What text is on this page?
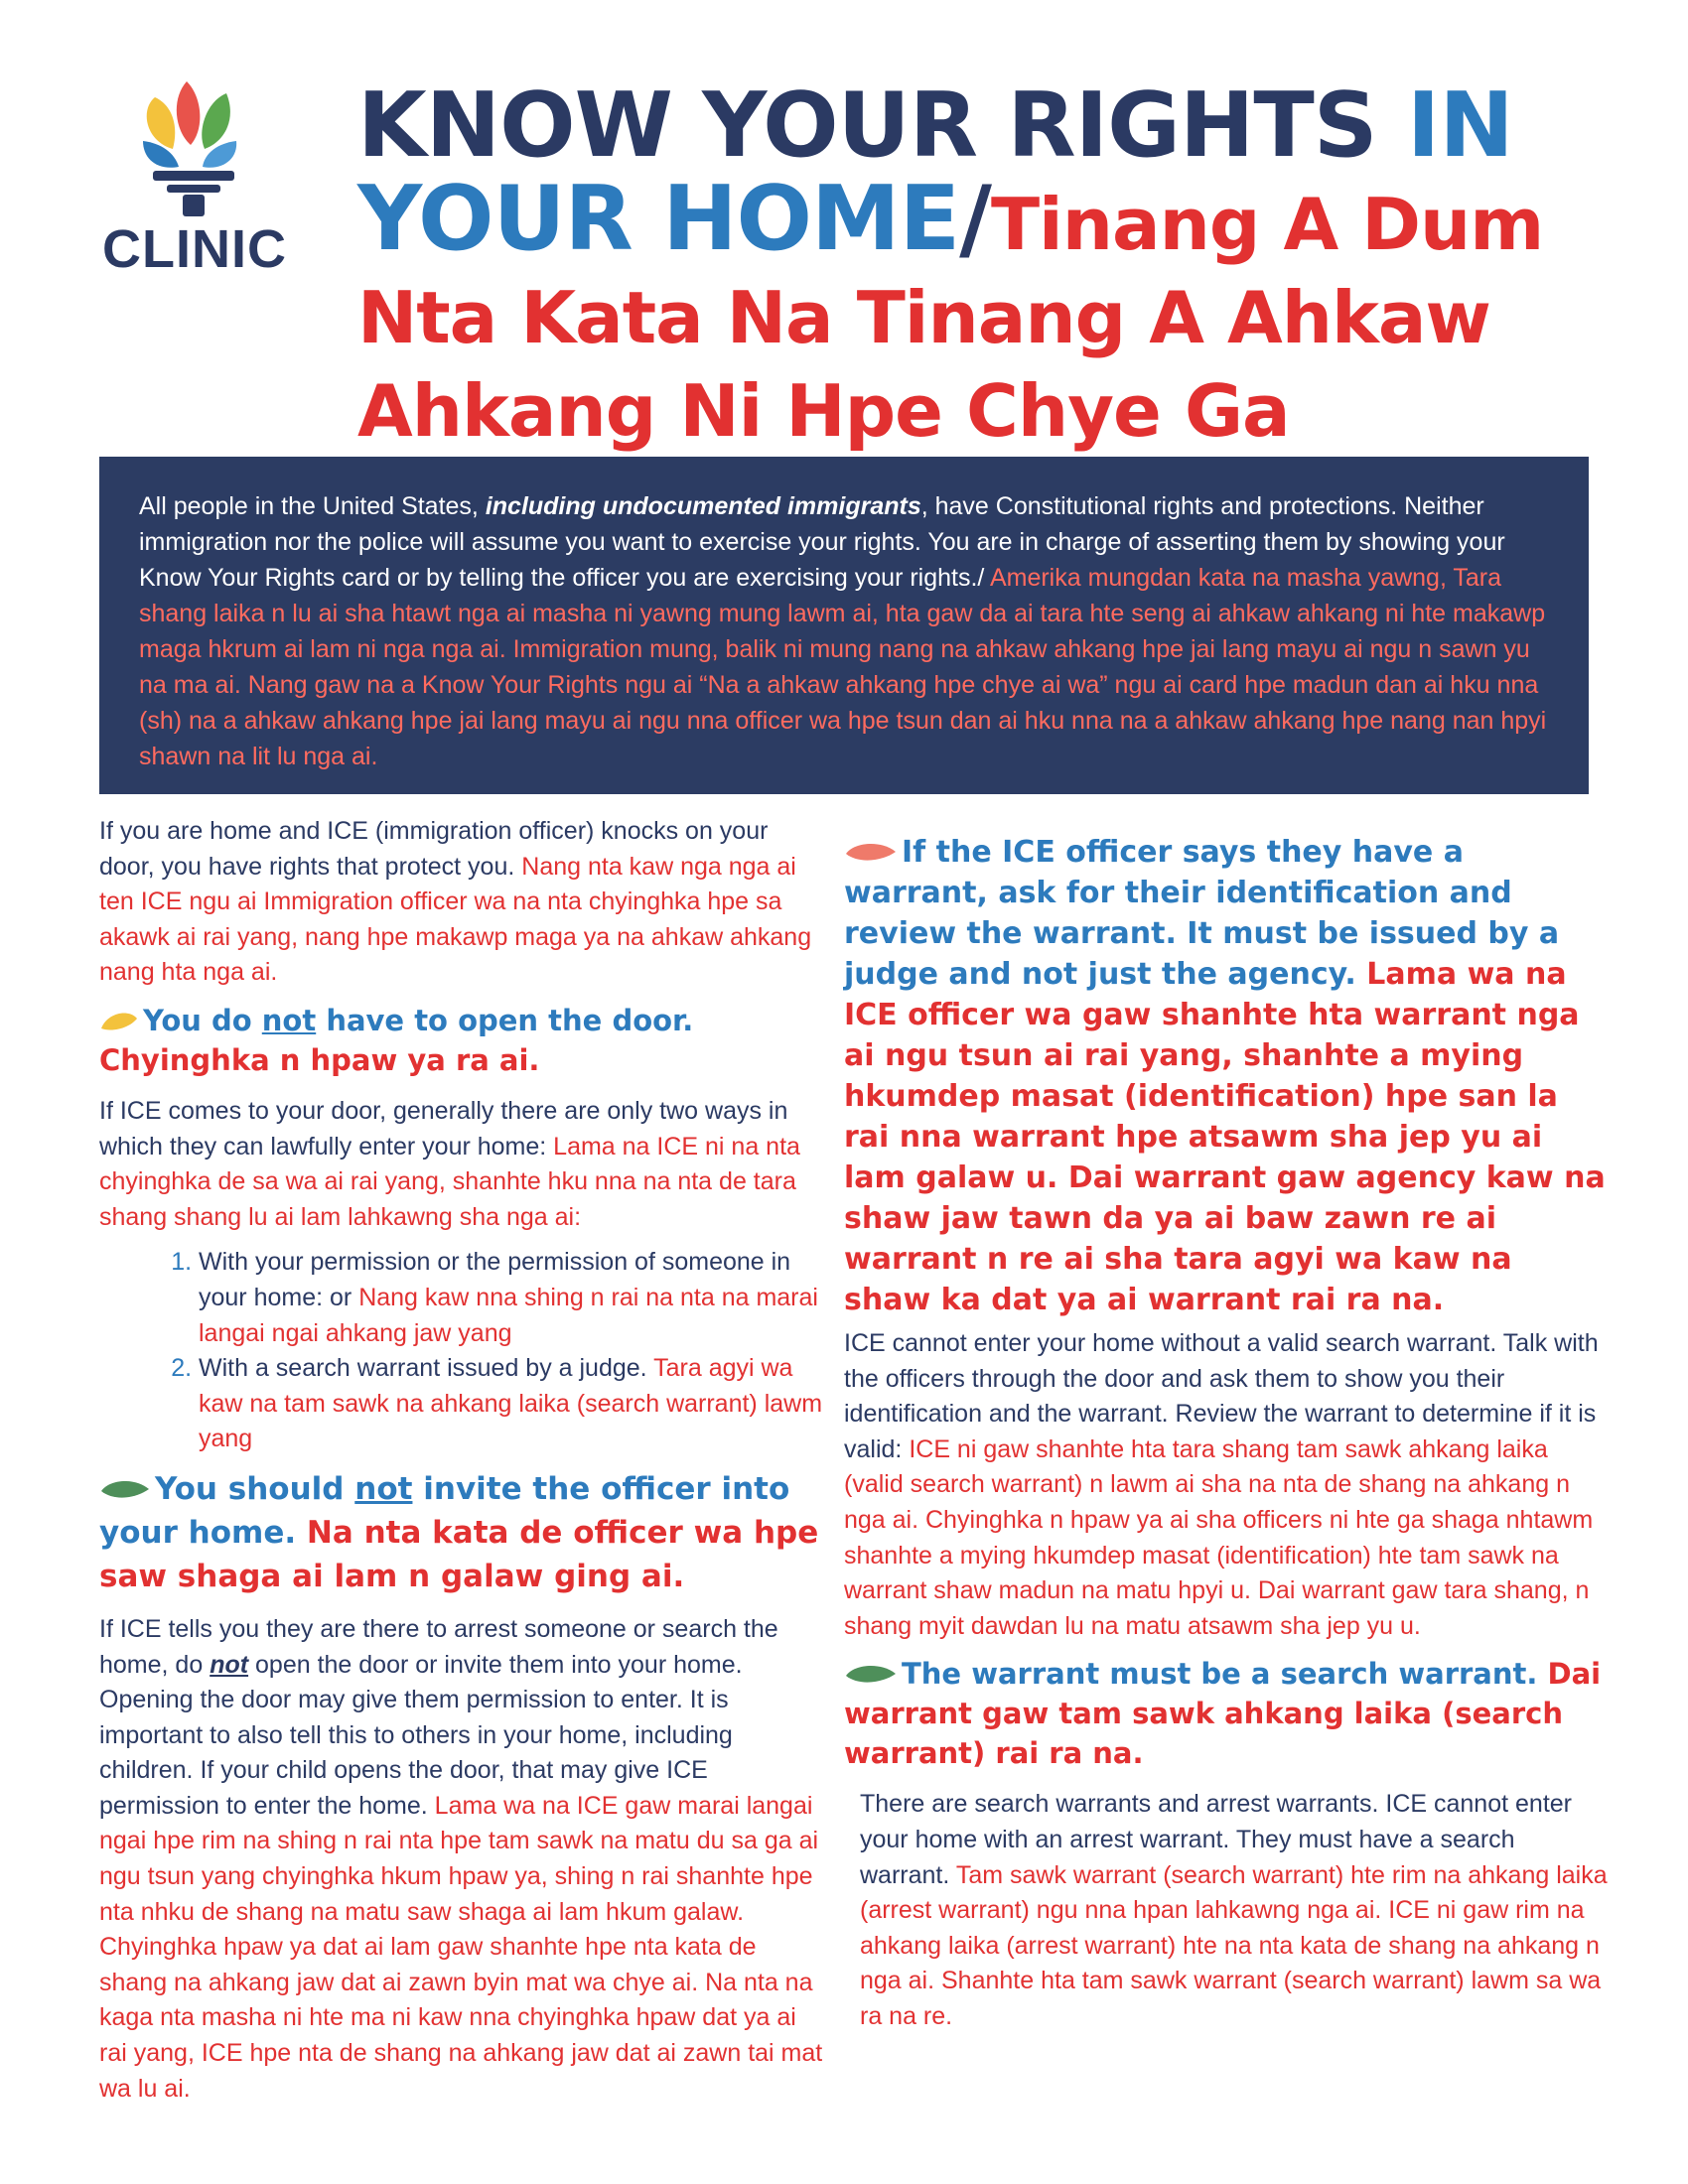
CLINIC
KNOW YOUR RIGHTS IN YOUR HOME/Tinang A Dum
Nta Kata Na Tinang A Ahkaw
Ahkang Ni Hpe Chye Ga
All people in the United States, including undocumented immigrants, have Constitutional rights and protections. Neither immigration nor the police will assume you want to exercise your rights. You are in charge of asserting them by showing your Know Your Rights card or by telling the officer you are exercising your rights./ Amerika mungdan kata na masha yawng, Tara shang laika n lu ai sha htawt nga ai masha ni yawng mung lawm ai, hta gaw da ai tara hte seng ai ahkaw ahkang ni hte makawp maga hkrum ai lam ni nga nga ai. Immigration mung, balik ni mung nang na ahkaw ahkang hpe jai lang mayu ai ngu n sawn yu na ma ai. Nang gaw na a Know Your Rights ngu ai “Na a ahkaw ahkang hpe chye ai wa” ngu ai card hpe madun dan ai hku nna (sh) na a ahkaw ahkang hpe jai lang mayu ai ngu nna officer wa hpe tsun dan ai hku nna na a ahkaw ahkang hpe nang nan hpyi shawn na lit lu nga ai.

If you are home and ICE (immigration officer) knocks on your door, you have rights that protect you. Nang nta kaw nga nga ai ten ICE ngu ai Immigration officer wa na nta chyinghka hpe sa akawk ai rai yang, nang hpe makawp maga ya na ahkaw ahkang nang hta nga ai.

You do not have to open the door. Chyinghka n hpaw ya ra ai.

If ICE comes to your door, generally there are only two ways in which they can lawfully enter your home: Lama na ICE ni na nta chyinghka de sa wa ai rai yang, shanhte hku nna na nta de tara shang shang lu ai lam lahkawng sha nga ai:

1. With your permission or the permission of someone in your home: or Nang kaw nna shing n rai na nta na marai langai ngai ahkang jaw yang
2. With a search warrant issued by a judge. Tara agyi wa kaw na tam sawk na ahkang laika (search warrant) lawm yang
You should not invite the officer into your home. Na nta kata de officer wa hpe saw shaga ai lam n galaw ging ai.

If ICE tells you they are there to arrest someone or search the home, do not open the door or invite them into your home. Opening the door may give them permission to enter. It is important to also tell this to others in your home, including children. If your child opens the door, that may give ICE permission to enter the home. Lama wa na ICE gaw marai langai ngai hpe rim na shing n rai nta hpe tam sawk na matu du sa ga ai ngu tsun yang chyinghka hkum hpaw ya, shing n rai shanhte hpe nta nhku de shang na matu saw shaga ai lam hkum galaw. Chyinghka hpaw ya dat ai lam gaw shanhte hpe nta kata de shang na ahkang jaw dat ai zawn byin mat wa chye ai. Na nta na kaga nta masha ni hte ma ni kaw nna chyinghka hpaw dat ya ai rai yang, ICE hpe nta de shang na ahkang jaw dat ai zawn tai mat wa lu ai.

If the ICE officer says they have a warrant, ask for their identification and review the warrant. It must be issued by a judge and not just the agency. Lama wa na ICE officer wa gaw shanhte hta warrant nga ai ngu tsun ai rai yang, shanhte a mying hkumdep masat (identification) hpe san la rai nna warrant hpe atsawm sha jep yu ai lam galaw u. Dai warrant gaw agency kaw na shaw jaw tawn da ya ai baw zawn re ai warrant n re ai sha tara agyi wa kaw na shaw ka dat ya ai warrant rai ra na.

ICE cannot enter your home without a valid search warrant. Talk with the officers through the door and ask them to show you their identification and the warrant. Review the warrant to determine if it is valid: ICE ni gaw shanhte hta tara shang tam sawk ahkang laika (valid search warrant) n lawm ai sha na nta de shang na ahkang n nga ai. Chyinghka n hpaw ya ai sha officers ni hte ga shaga nhtawm shanhte a mying hkumdep masat (identification) hte tam sawk na warrant shaw madun na matu hpyi u. Dai warrant gaw tara shang, n shang myit dawdan lu na matu atsawm sha jep yu u.

The warrant must be a search warrant. Dai warrant gaw tam sawk ahkang laika (search warrant) rai ra na.

There are search warrants and arrest warrants. ICE cannot enter your home with an arrest warrant. They must have a search warrant. Tam sawk warrant (search warrant) hte rim na ahkang laika (arrest warrant) ngu nna hpan lahkawng nga ai. ICE ni gaw rim na ahkang laika (arrest warrant) hte na nta kata de shang na ahkang n nga ai. Shanhte hta tam sawk warrant (search warrant) lawm sa wa ra na re.
